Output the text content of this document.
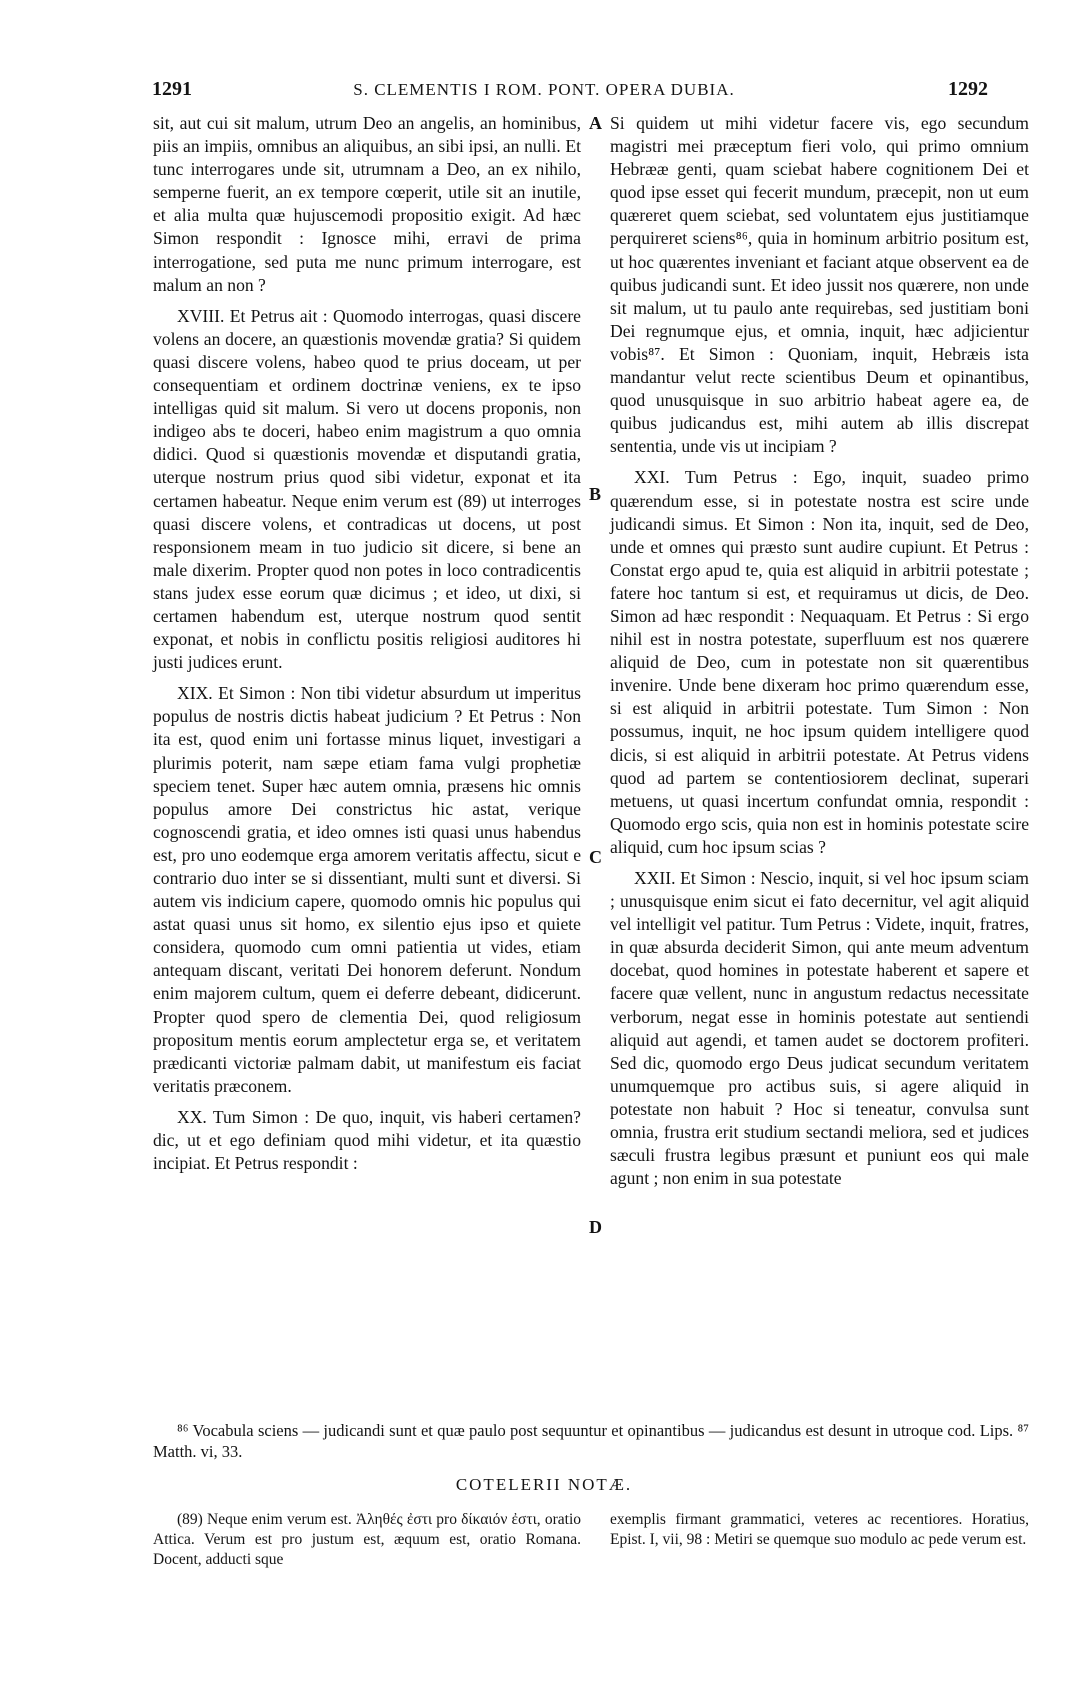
1291	S. CLEMENTIS I ROM. PONT. OPERA DUBIA.	1292

sit, aut cui sit malum, utrum Deo an angelis, an hominibus, piis an impiis, omnibus an aliquibus, an sibi ipsi, an nulli. Et tunc interrogares unde sit, utrumnam a Deo, an ex nihilo, semperne fuerit, an ex tempore cœperit, utile sit an inutile, et alia multa quæ hujuscemodi propositio exigit. Ad hæc Simon respondit : Ignosce mihi, erravi de prima interrogatione, sed puta me nunc primum interrogare, est malum an non ?

XVIII. Et Petrus ait : Quomodo interrogas, quasi discere volens an docere, an quæstionis movendæ gratia? Si quidem quasi discere volens, habeo quod te prius doceam, ut per consequentiam et ordinem doctrinæ veniens, ex te ipso intelligas quid sit malum. Si vero ut docens proponis, non indigeo abs te doceri, habeo enim magistrum a quo omnia didici. Quod si quæstionis movendæ et disputandi gratia, uterque nostrum prius quod sibi videtur, exponat et ita certamen habeatur. Neque enim verum est (89) ut interroges quasi discere volens, et contradicas ut docens, ut post responsionem meam in tuo judicio sit dicere, si bene an male dixerim. Propter quod non potes in loco contradicentis stans judex esse eorum quæ dicimus ; et ideo, ut dixi, si certamen habendum est, uterque nostrum quod sentit exponat, et nobis in conflictu positis religiosi auditores hi justi judices erunt.

XIX. Et Simon : Non tibi videtur absurdum ut imperitus populus de nostris dictis habeat judicium ? Et Petrus : Non ita est, quod enim uni fortasse minus liquet, investigari a plurimis poterit, nam sæpe etiam fama vulgi prophetiæ speciem tenet. Super hæc autem omnia, præsens hic omnis populus amore Dei constrictus hic astat, verique cognoscendi gratia, et ideo omnes isti quasi unus habendus est, pro uno eodemque erga amorem veritatis affectu, sicut e contrario duo inter se si dissentiant, multi sunt et diversi. Si autem vis indicium capere, quomodo omnis hic populus qui astat quasi unus sit homo, ex silentio ejus ipso et quiete considera, quomodo cum omni patientia ut vides, etiam antequam discant, veritati Dei honorem deferunt. Nondum enim majorem cultum, quem ei deferre debeant, didicerunt. Propter quod spero de clementia Dei, quod religiosum propositum mentis eorum amplectetur erga se, et veritatem prædicanti victoriæ palmam dabit, ut manifestum eis faciat veritatis præconem.

XX. Tum Simon : De quo, inquit, vis haberi certamen? dic, ut et ego definiam quod mihi videtur, et ita quæstio incipiat. Et Petrus respondit :

A
B
C
D

Si quidem ut mihi videtur facere vis, ego secundum magistri mei præceptum fieri volo, qui primo omnium Hebrææ genti, quam sciebat habere cognitionem Dei et quod ipse esset qui fecerit mundum, præcepit, non ut eum quæreret quem sciebat, sed voluntatem ejus justitiamque perquireret sciens⁸⁶, quia in hominum arbitrio positum est, ut hoc quærentes inveniant et faciant atque observent ea de quibus judicandi sunt. Et ideo jussit nos quærere, non unde sit malum, ut tu paulo ante requirebas, sed justitiam boni Dei regnumque ejus, et omnia, inquit, hæc adjicientur vobis⁸⁷. Et Simon : Quoniam, inquit, Hebræis ista mandantur velut recte scientibus Deum et opinantibus, quod unusquisque in suo arbitrio habeat agere ea, de quibus judicandus est, mihi autem ab illis discrepat sententia, unde vis ut incipiam ?

XXI. Tum Petrus : Ego, inquit, suadeo primo quærendum esse, si in potestate nostra est scire unde judicandi simus. Et Simon : Non ita, inquit, sed de Deo, unde et omnes qui præsto sunt audire cupiunt. Et Petrus : Constat ergo apud te, quia est aliquid in arbitrii potestate ; fatere hoc tantum si est, et requiramus ut dicis, de Deo. Simon ad hæc respondit : Nequaquam. Et Petrus : Si ergo nihil est in nostra potestate, superfluum est nos quærere aliquid de Deo, cum in potestate non sit quærentibus invenire. Unde bene dixeram hoc primo quærendum esse, si est aliquid in arbitrii potestate. Tum Simon : Non possumus, inquit, ne hoc ipsum quidem intelligere quod dicis, si est aliquid in arbitrii potestate. At Petrus videns quod ad partem se contentiosiorem declinat, superari metuens, ut quasi incertum confundat omnia, respondit : Quomodo ergo scis, quia non est in hominis potestate scire aliquid, cum hoc ipsum scias ?

XXII. Et Simon : Nescio, inquit, si vel hoc ipsum sciam ; unusquisque enim sicut ei fato decernitur, vel agit aliquid vel intelligit vel patitur. Tum Petrus : Videte, inquit, fratres, in quæ absurda deciderit Simon, qui ante meum adventum docebat, quod homines in potestate haberent et sapere et facere quæ vellent, nunc in angustum redactus necessitate verborum, negat esse in hominis potestate aut sentiendi aliquid aut agendi, et tamen audet se doctorem profiteri. Sed dic, quomodo ergo Deus judicat secundum veritatem unumquemque pro actibus suis, si agere aliquid in potestate non habuit ? Hoc si teneatur, convulsa sunt omnia, frustra erit studium sectandi meliora, sed et judices sæculi frustra legibus præsunt et puniunt eos qui male agunt ; non enim in sua potestate

⁸⁶ Vocabula sciens — judicandi sunt et quæ paulo post sequuntur et opinantibus — judicandus est desunt in utroque cod. Lips. ⁸⁷ Matth. vi, 33.

COTELERII NOTÆ.

(89) Neque enim verum est. Ἀληθές ἐστι pro δίκαιόν ἐστι, oratio Attica. Verum est pro justum est, æquum est, oratio Romana. Docent, adducti sque

exemplis firmant grammatici, veteres ac recentiores. Horatius, Epist. I, vii, 98 : Metiri se quemque suo modulo ac pede verum est.
